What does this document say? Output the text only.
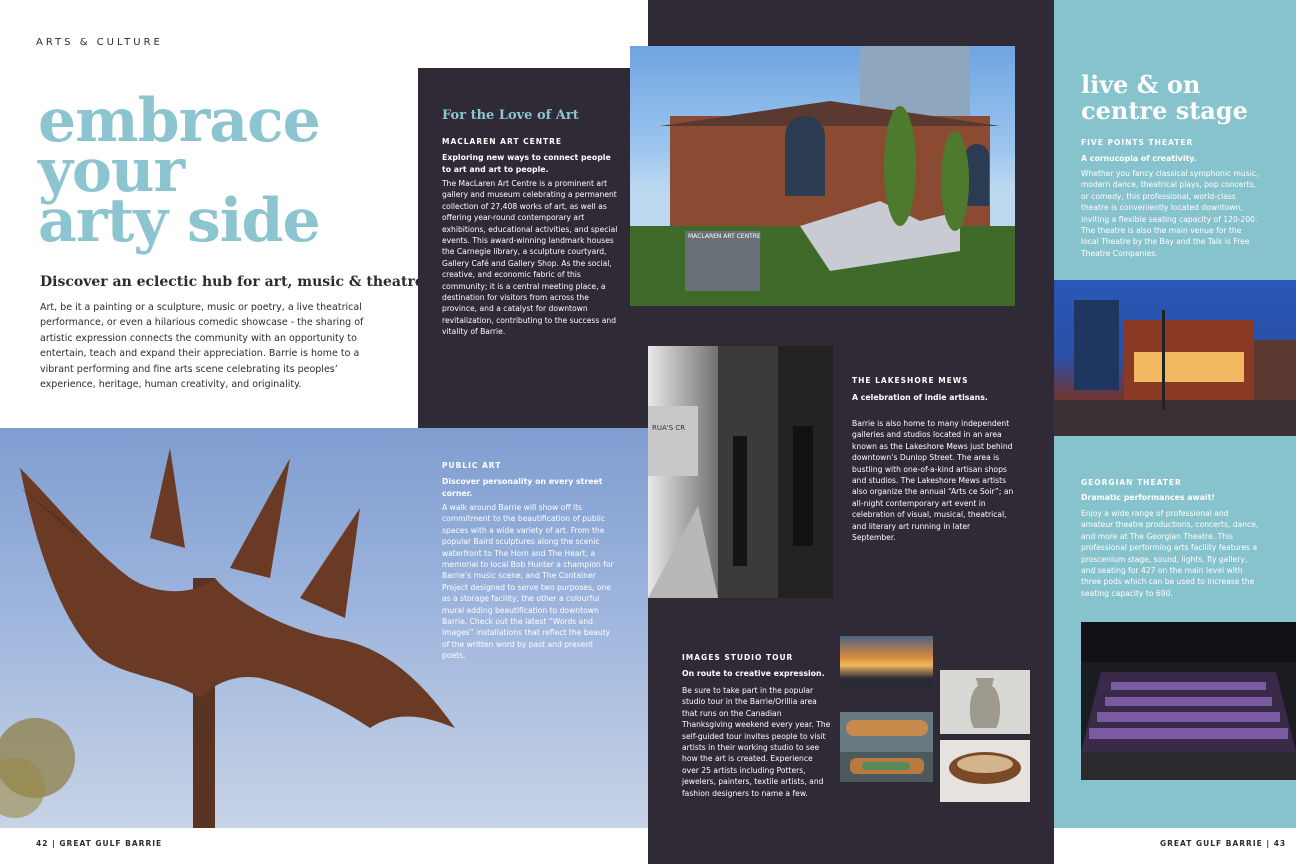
ARTS & CULTURE
embrace
your
arty side
Discover an eclectic hub for art, music & theatre
Art, be it a painting or a sculpture, music or poetry, a live theatrical performance, or even a hilarious comedic showcase - the sharing of artistic expression connects the community with an opportunity to entertain, teach and expand their appreciation. Barrie is home to a vibrant performing and fine arts scene celebrating its peoples’ experience, heritage, human creativity, and originality.
For the Love of Art
MACLAREN ART CENTRE
Exploring new ways to connect people to art and art to people.
The MacLaren Art Centre is a prominent art gallery and museum celebrating a permanent collection of 27,408 works of art, as well as offering year-round contemporary art exhibitions, educational activities, and special events. This award-winning landmark houses the Carnegie library, a sculpture courtyard, Gallery Café and Gallery Shop. As the social, creative, and economic fabric of this community; it is a central meeting place, a destination for visitors from across the province, and a catalyst for downtown revitalization, contributing to the success and vitality of Barrie.
PUBLIC ART
Discover personality on every street corner.
A walk around Barrie will show off its commitment to the beautification of public spaces with a wide variety of art. From the popular Baird sculptures along the scenic waterfront to The Horn and The Heart, a memorial to local Bob Hunter a champion for Barrie’s music scene, and The Container Project designed to serve two purposes, one as a storage facility, the other a colourful mural adding beautification to downtown Barrie. Check out the latest “Words and Images” installations that reflect the beauty of the written word by past and present poets.
MACLAREN ART CENTRE
RUA'S CR
THE LAKESHORE MEWS
A celebration of indie artisans.
Barrie is also home to many independent galleries and studios located in an area known as the Lakeshore Mews just behind downtown’s Dunlop Street. The area is bustling with one-of-a-kind artisan shops and studios. The Lakeshore Mews artists also organize the annual “Arts ce Soir”; an all-night contemporary art event in celebration of visual, musical, theatrical, and literary art running in later September.
IMAGES STUDIO TOUR
On route to creative expression.
Be sure to take part in the popular studio tour in the Barrie/Orillia area that runs on the Canadian Thanksgiving weekend every year. The self-guided tour invites people to visit artists in their working studio to see how the art is created. Experience over 25 artists including Potters, jewelers, painters, textile artists, and fashion designers to name a few.
live & on
centre stage
FIVE POINTS THEATER
A cornucopia of creativity.
Whether you fancy classical symphonic music, modern dance, theatrical plays, pop concerts, or comedy, this professional, world-class theatre is conveniently located downtown, inviting a flexible seating capacity of 120-200. The theatre is also the main venue for the local Theatre by the Bay and the Talk is Free Theatre Companies.
GEORGIAN THEATER
Dramatic performances await!
Enjoy a wide range of professional and amateur theatre productions, concerts, dance, and more at The Georgian Theatre. This professional performing arts facility features a proscenium stage, sound, lights, fly gallery, and seating for 427 on the main level with three pods which can be used to increase the seating capacity to 690.
42 | GREAT GULF BARRIE	GREAT GULF BARRIE | 43
